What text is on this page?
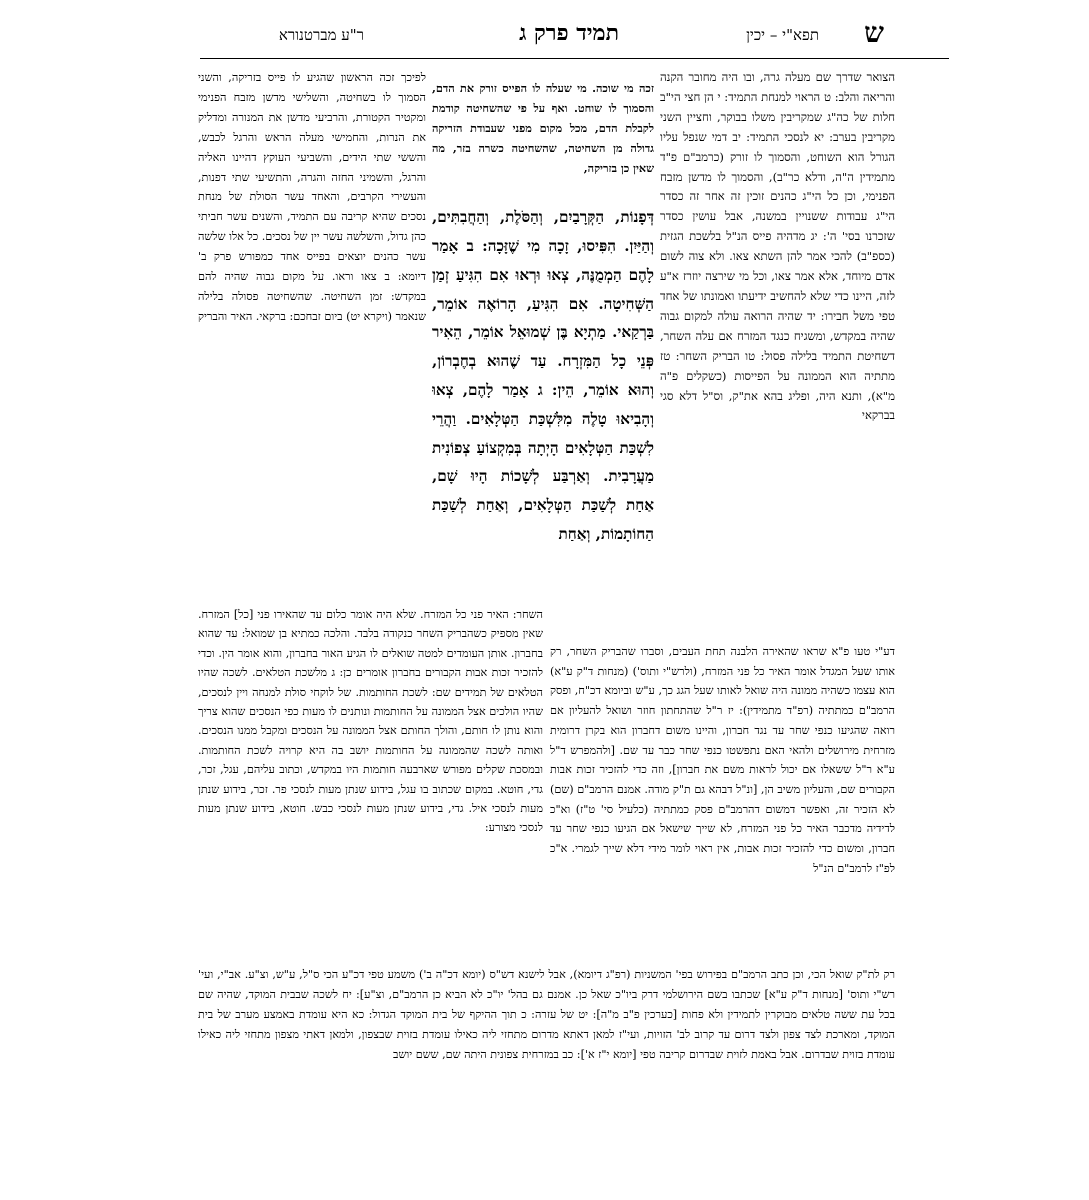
ש
תפא"י – יכין
תמיד פרק ג
ר"ע מברטנורא

הצואר שדרך שם מעלה גרה, ובו היה מחובר הקנה והריאה והלב: ט הראוי למנחת התמיד: י הן חצי הי"ב חלות של כה"ג שמקריבין משלו בבוקר, וחציין השני מקריבין בערב: יא לנסכי התמיד: יב דמי שנפל עליו הגורל הוא השוחט, והסמוך לו זורק (כרמב"ם פ"ד מתמידין ה"ה, ודלא כר"ב), והסמוך לו מדשן מזבח הפנימי, וכן כל הי"ג כהנים זוכין זה אחר זה כסדר הי"ג עבודות ששנויין במשנה, אבל עושין כסדר שזכרנו בסי' ה': יג מדהיה פייס הנ"ל בלשכת הגזית (כספ"ב) להכי אמר להן השתא צאו. ולא צוה לשום אדם מיוחד, אלא אמר צאו, וכל מי שירצה יוזרז א"ע לזה, היינו כדי שלא להחשיב ידיעתו ואמונתו של אחד טפי משל חבירו: יד שהיה הרואה עולה למקום גבוה שהיה במקדש, ומשגיח כנגד המזרח אם עלה השחר, דשחיטת התמיד בלילה פסול: טו הבריק השחר: טז מתתיה הוא הממונה על הפייסות (כשקלים פ"ה מ"א), ותנא היה, ופליג בהא את"ק, וס"ל דלא סגי בברקאי

זכה מי שוכה. מי שעלה לו הפייס זורק את הדם, והסמוך לו שוחט. ואף על פי שהשחיטה קודמת לקבלת הדם, מכל מקום מפני שעבודת הזריקה גדולה מן השחיטה, שהשחיטה כשרה בזר, מה שאין כן בזריקה,

דְּפָנוֹת, הַקְּרָבַיִם, וְהַסֹּלֶת, וְהַחֲבִתִּים, וְהַיַּיִן. הִפִּיסוּ, זָכָה מִי שֶׁזָּכָה: ב אָמַר לָהֶם הַמְמֻנֶּה, צְאוּ וּרְאוּ אִם הִגִּיעַ זְמַן הַשְּׁחִיטָה. אִם הִגִּיעַ, הָרוֹאֶה אוֹמֵר, בַּרְקַאי. מַתְיָא בֶּן שְׁמוּאֵל אוֹמֵר, הֵאִיר פְּנֵי כָל הַמִּזְרָח. עַד שֶׁהוּא בְחֶבְרוֹן, וְהוּא אוֹמֵר, הֵין: ג אָמַר לָהֶם, צְאוּ וְהָבִיאוּ טָלֶה מִלִּשְׁכַּת הַטְּלָאִים. וַהֲרֵי לִשְׁכַּת הַטְּלָאִים הָיְתָה בְּמִקְצוֹעַ צְפוֹנִית מַעֲרָבִית. וְאַרְבַּע לְשָׁכוֹת הָיוּ שָׁם, אַחַת לְשַׁכַּת הַטְּלָאִים, וְאַחַת לְשַׁכַּת הַחוֹתָמוֹת, וְאַחַת

לפיכך זכה הראשון שהגיע לו פייס בזריקה, והשני הסמוך לו בשחיטה, והשלישי מדשן מזבח הפנימי ומקטיר הקטורת, והרביעי מדשן את המנורה ומדליק את הנרות, והחמישי מעלה הראש והרגל לכבש, והששי שתי הידים, והשביעי העוקץ דהיינו האליה והרגל, והשמיני החזה והגרה, והתשיעי שתי דפנות, והעשירי הקרבים, והאחד עשר הסולת של מנחת נסכים שהיא קריבה עם התמיד, והשנים עשר חביתי כהן גדול, והשלשה עשר יין של נסכים. כל אלו שלשה עשר כהנים יוצאים בפייס אחד כמפורש פרק ב' דיומא: ב צאו וראו. על מקום גבוה שהיה להם במקדש: זמן השחיטה. שהשחיטה פסולה בלילה שנאמר (ויקרא יט) ביום זבחכם: ברקאי. האיר והבריק

דע"י טעו פ"א שראו שהאירה הלבנה תחת העבים, וסברו שהבריק השחר, רק אותו שעל המגדל אומר האיר כל פני המזרח, (ולרש"י ותוס') (מנחות ד"ק ע"א) הוא עצמו כשהיה ממונה היה שואל לאותו שעל הגג כך, ע"ש וביומא דכ"ח, ופסק הרמב"ם כמתתיה (רפ"ד מתמידין): יז ר"ל שהתחתון חוזר ושואל להעליון אם רואה שהגיעו כנפי שחר עד נגד חברון, והיינו משום דחברון הוא בקרן דרומית מזרחית מירושלים ולהאי האם נתפשטו כנפי שחר כבר עד שם. [ולהמפרש ד"ל ע"א ר"ל ששאלו אם יכול לראות משם את חברון], וזה כדי להזכיר זכות אבות הקבורים שם, והעליון משיב הן, [ונ"ל דבהא גם ת"ק מודה. אמנם הרמב"ם (שם) לא הזכיר זה, ואפשר דמשום דהרמב"ם פסק כמתתיה (כלעיל סי' ט"ז) וא"כ לדידיה מדכבר האיר כל פני המזרח, לא שייך שישאל אם הגיעו כנפי שחר עד חברון, ומשום כדי להזכיר זכות אבות, אין ראוי לומר מידי דלא שייך לגמרי. א"כ לפ"ז לרמב"ם הנ"ל

השחר: האיר פני כל המזרח. שלא היה אומר כלום עד שהאירו פני [כל] המזרח. שאין מספיק כשהבריק השחר כנקודה בלבד. והלכה כמתיא בן שמואל: עד שהוא בחברון. אותן העומדים למטה שואלים לו הגיע האור בחברון, והוא אומר הין. וכדי להזכיר זכות אבות הקבורים בחברון אומרים כן: ג מלשכת הטלאים. לשכה שהיו הטלאים של תמידים שם: לשכת החותמות. של לוקחי סולת למנחה ויין לנסכים, שהיו הולכים אצל הממונה על החותמות ונותנים לו מעות כפי הנסכים שהוא צריך והוא נותן לו חותם, והולך החותם אצל הממונה על הנסכים ומקבל ממנו הנסכים. ואותה לשכה שהממונה על החותמות יושב בה היא קרויה לשכת החותמות. ובמסכת שקלים מפורש שארבעה חותמות היו במקדש, וכתוב עליהם, עגל, זכר, גדי, חוטא. במקום שכתוב בו עגל, בידוע שנתן מעות לנסכי פר. זכר, בידוע שנתן מעות לנסכי איל. גדי, בידוע שנתן מעות לנסכי כבש. חוטא, בידוע שנתן מעות לנסכי מצורע:

רק לת"ק שואל הכי, וכן כתב הרמב"ם בפירוש בפי' המשניות (רפ"ג דיומא), אבל לישנא דש"ס (יומא דכ"ה ב') משמע טפי דכ"ע הכי ס"ל, ע"ש, וצ"ע. אב"י, ועי' רש"י ותוס' [מנחות ד"ק ע"א] שכתבו בשם הירושלמי דרק ביו"כ שאל כן. אמנם גם בהל' יו"כ לא הביא כן הרמב"ם, וצ"ע]: יח לשכה שבבית המוקד, שהיה שם בכל עת ששה טלאים מבוקרין לתמידין ולא פחות [כערכין פ"ב מ"ה]: יט של עזרה: כ תוך ההיקף של בית המוקד הגדול: כא היא עומדת באמצע מערב של בית המוקד, ומארכת לצד צפון ולצד דרום עד קרוב לב' הזויות, ועי"ז למאן דאתא מדרום מתחזי ליה כאילו עומדת בזוית שבצפון, ולמאן דאתי מצפון מתחזי ליה כאילו עומדת בזוית שבדרום. אבל באמת לזוית שבדרום קריבה טפי [יומא י"ז א']: כב במזרחית צפונית היתה שם, ששם יושב
